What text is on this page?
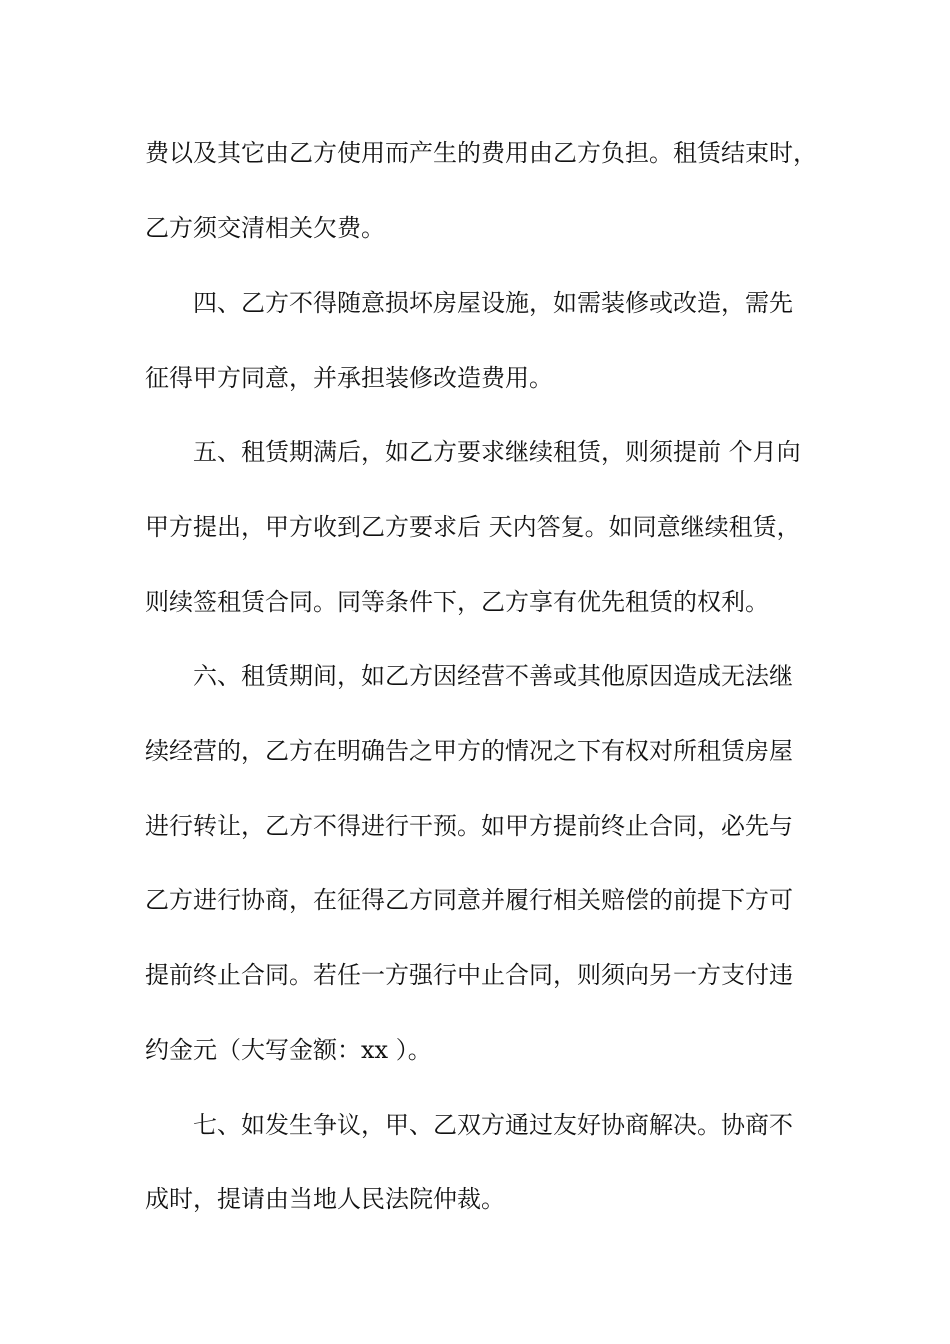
费以及其它由乙方使用而产生的费用由乙方负担。租赁结束时，
乙方须交清相关欠费。
四、乙方不得随意损坏房屋设施，如需装修或改造，需先
征得甲方同意，并承担装修改造费用。
五、租赁期满后，如乙方要求继续租赁，则须提前 个月向
甲方提出，甲方收到乙方要求后 天内答复。如同意继续租赁，
则续签租赁合同。同等条件下，乙方享有优先租赁的权利。
六、租赁期间，如乙方因经营不善或其他原因造成无法继
续经营的，乙方在明确告之甲方的情况之下有权对所租赁房屋
进行转让，乙方不得进行干预。如甲方提前终止合同，必先与
乙方进行协商，在征得乙方同意并履行相关赔偿的前提下方可
提前终止合同。若任一方强行中止合同，则须向另一方支付违
约金元（大写金额：xx ）。
七、如发生争议，甲、乙双方通过友好协商解决。协商不
成时，提请由当地人民法院仲裁。
